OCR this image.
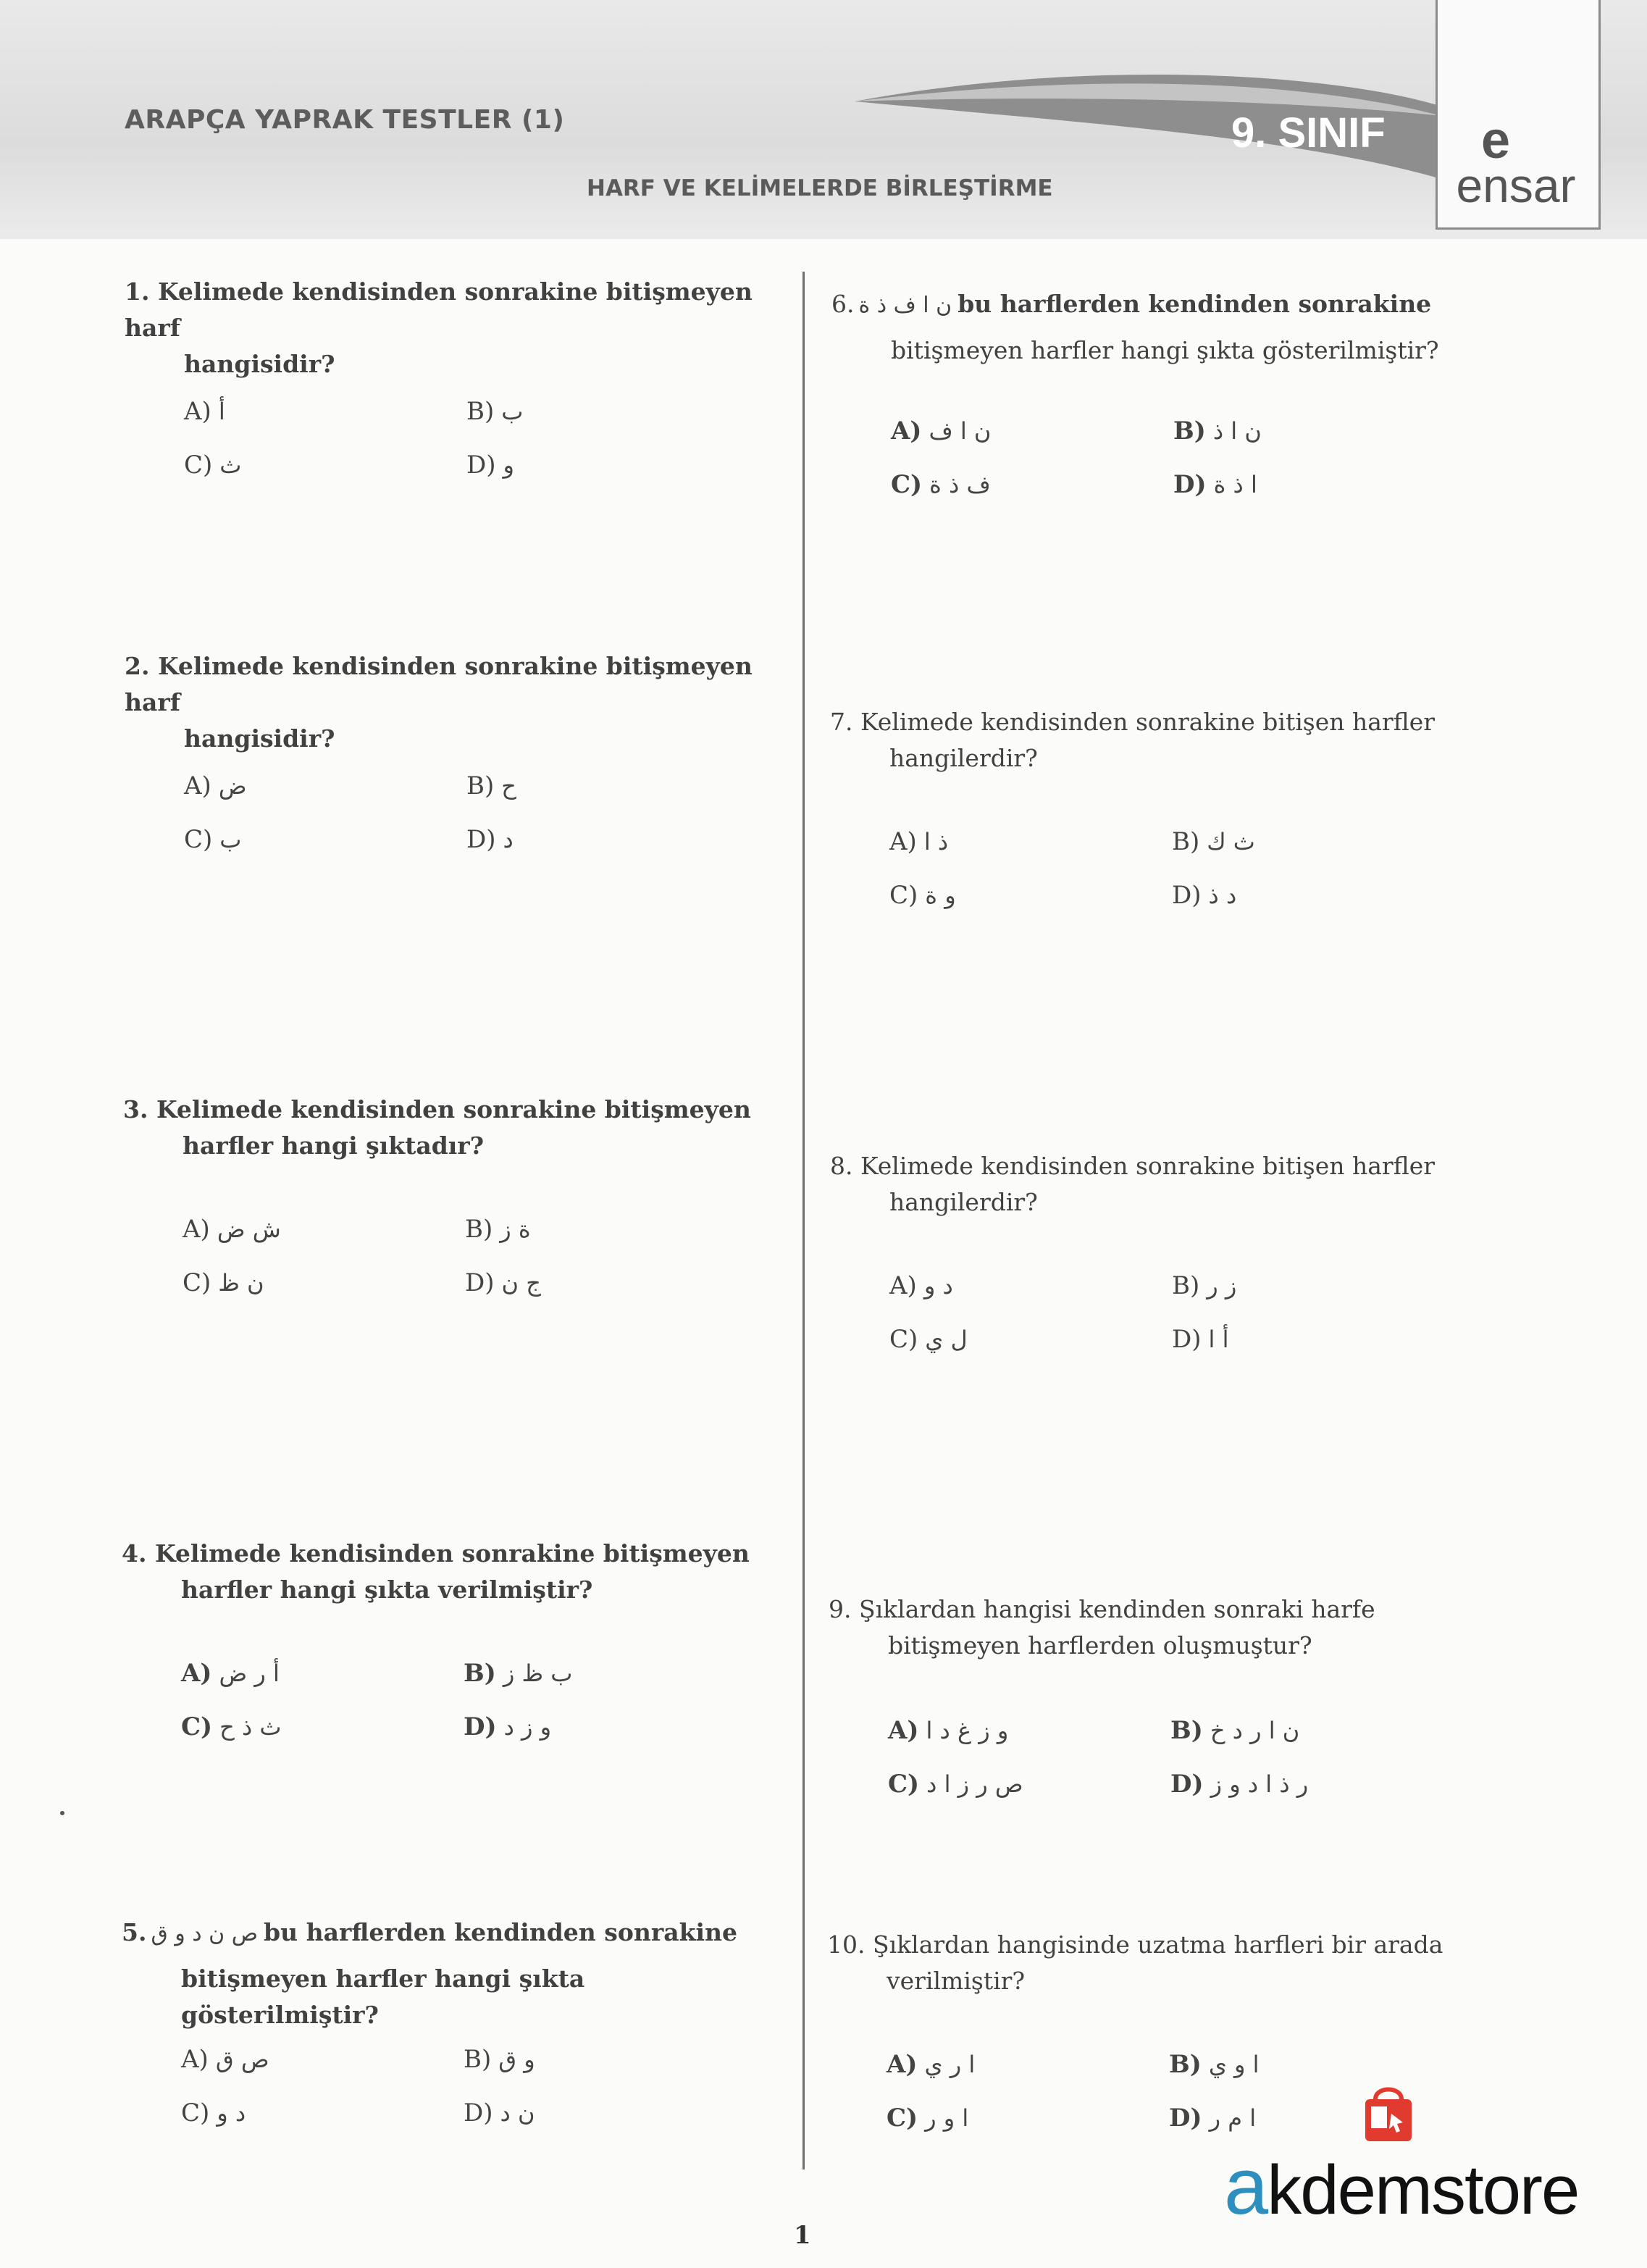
ARAPÇA YAPRAK TESTLER (1)	9. SINIF
HARF VE KELİMELERDE BİRLEŞTİRME
e
ensar

1. Kelimede kendisinden sonrakine bitişmeyen harf
hangisidir?

A) أ	B) ب
C) ث	D) و

2. Kelimede kendisinden sonrakine bitişmeyen harf
hangisidir?

A) ض	B) ح
C) ب	D) د

3. Kelimede kendisinden sonrakine bitişmeyen
harfler hangi şıktadır?

A) ش ض	B) ة ز
C) ن ظ	D) ج ن

4. Kelimede kendisinden sonrakine bitişmeyen
harfler hangi şıkta verilmiştir?

A) أ ر ض	B) ب ظ ز
C) ث ذ ح	D) و ز د

5. ص ن د و ق bu harflerden kendinden sonrakine
bitişmeyen harfler hangi şıkta gösterilmiştir?

A) ص ق	B) و ق
C) د و	D) ن د

6. ن ا ف ذ ة bu harflerden kendinden sonrakine
bitişmeyen harfler hangi şıkta gösterilmiştir?

A) ن ا ف	B) ن ا ذ
C) ف ذ ة	D) ا ذ ة

7. Kelimede kendisinden sonrakine bitişen harfler
hangilerdir?

A) ذ ا	B) ث ك
C) و ة	D) د ذ

8. Kelimede kendisinden sonrakine bitişen harfler
hangilerdir?

A) د و	B) ز ر
C) ل ي	D) أ ا

9. Şıklardan hangisi kendinden sonraki harfe
bitişmeyen harflerden oluşmuştur?

A) و ز غ د ا	B) ن ا ر د خ
C) ص ر ز ا د	D) ر ذ ا د و ز

10. Şıklardan hangisinde uzatma harfleri bir arada
verilmiştir?

A) ا ر ي	B) ا و ي
C) ا و ر	D) ا م ر
1
akdemstore
